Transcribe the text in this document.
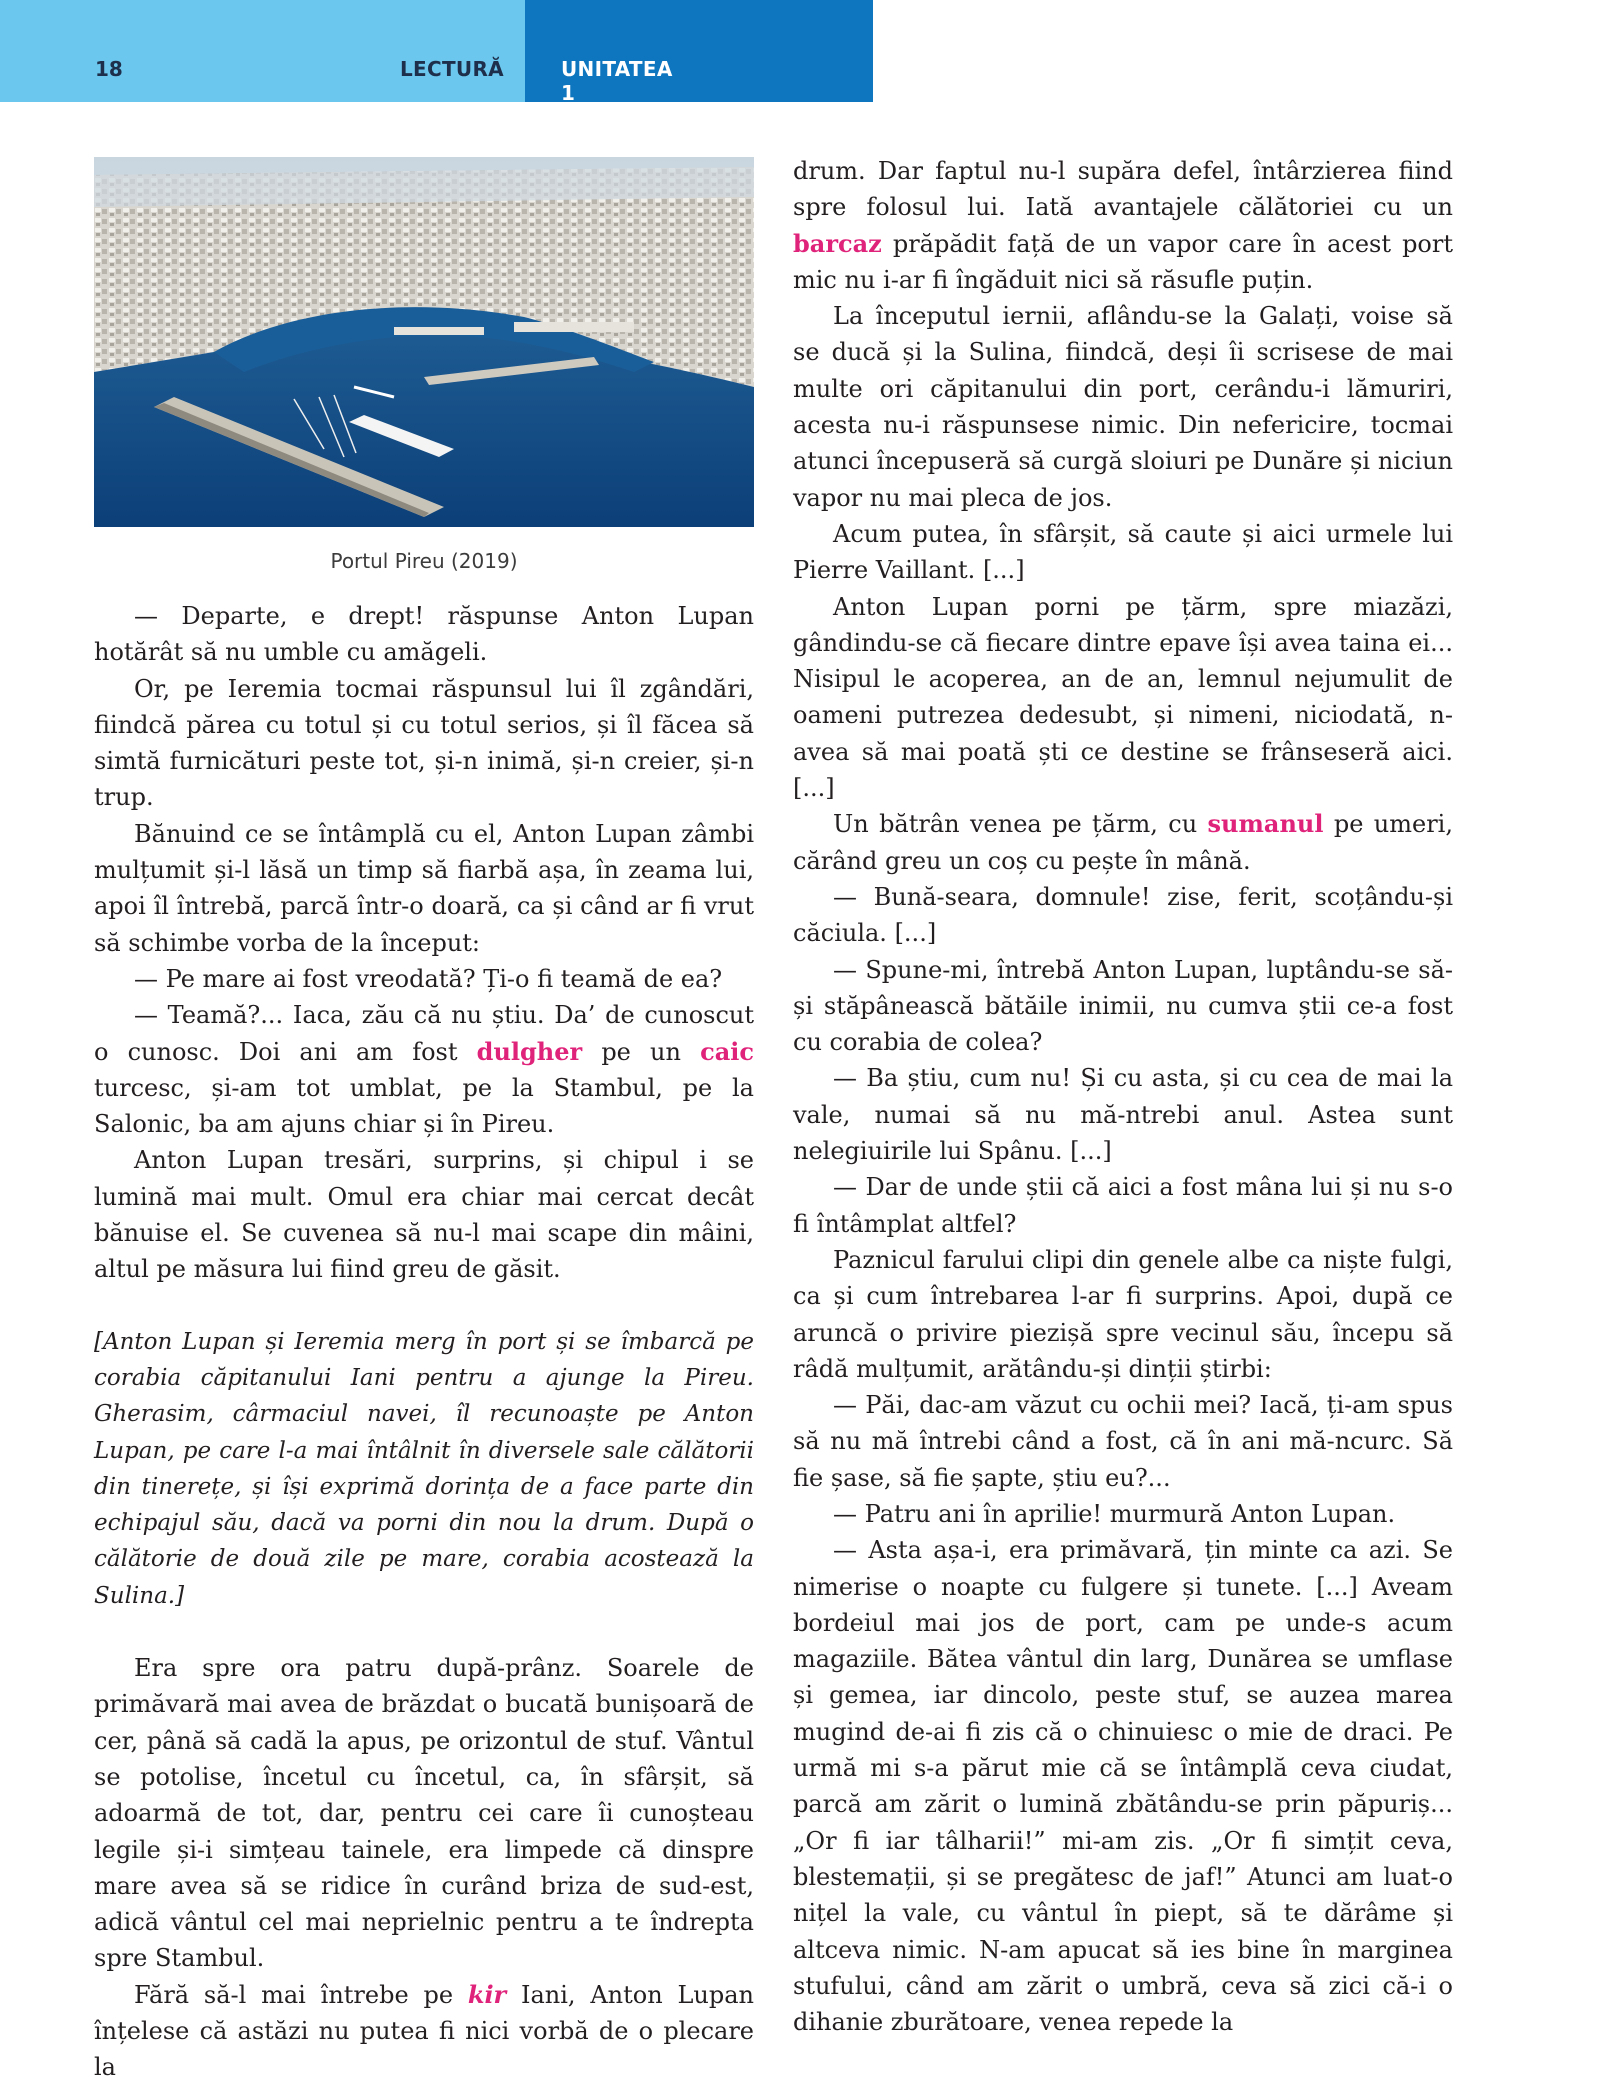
18	LECTURĂ	UNITATEA 1
Portul Pireu (2019)

— Departe, e drept! răspunse Anton Lupan hotărât să nu umble cu amăgeli.

Or, pe Ieremia tocmai răspunsul lui îl zgândări, fiindcă părea cu totul și cu totul serios, și îl făcea să simtă furnicături peste tot, și-n inimă, și-n creier, și-n trup.

Bănuind ce se întâmplă cu el, Anton Lupan zâmbi mulțumit și-l lăsă un timp să fiarbă așa, în zeama lui, apoi îl întrebă, parcă într-o doară, ca și când ar fi vrut să schimbe vorba de la început:

— Pe mare ai fost vreodată? Ți-o fi teamă de ea?

— Teamă?... Iaca, zău că nu știu. Da’ de cunoscut o cunosc. Doi ani am fost dulgher pe un caic turcesc, și-am tot umblat, pe la Stambul, pe la Salonic, ba am ajuns chiar și în Pireu.

Anton Lupan tresări, surprins, și chipul i se lumină mai mult. Omul era chiar mai cercat decât bănuise el. Se cuvenea să nu-l mai scape din mâini, altul pe măsura lui fiind greu de găsit.

[Anton Lupan și Ieremia merg în port și se îmbarcă pe corabia căpitanului Iani pentru a ajunge la Pireu. Gherasim, cârmaciul navei, îl recunoaște pe Anton Lupan, pe care l-a mai întâlnit în diversele sale călătorii din tinerețe, și își exprimă dorința de a face parte din echipajul său, dacă va porni din nou la drum. După o călătorie de două zile pe mare, corabia acostează la Sulina.]

Era spre ora patru după-prânz. Soarele de primăvară mai avea de brăzdat o bucată bunișoară de cer, până să cadă la apus, pe orizontul de stuf. Vântul se potolise, încetul cu încetul, ca, în sfârșit, să adoarmă de tot, dar, pentru cei care îi cunoșteau legile și-i simțeau tainele, era limpede că dinspre mare avea să se ridice în curând briza de sud-est, adică vântul cel mai neprielnic pentru a te îndrepta spre Stambul.

Fără să-l mai întrebe pe kir Iani, Anton Lupan înțelese că astăzi nu putea fi nici vorbă de o plecare la

drum. Dar faptul nu-l supăra defel, întârzierea fiind spre folosul lui. Iată avantajele călătoriei cu un barcaz prăpădit față de un vapor care în acest port mic nu i-ar fi îngăduit nici să răsufle puțin.

La începutul iernii, aflându-se la Galați, voise să se ducă și la Sulina, fiindcă, deși îi scrisese de mai multe ori căpitanului din port, cerându-i lămuriri, acesta nu-i răspunsese nimic. Din nefericire, tocmai atunci începuseră să curgă sloiuri pe Dunăre și niciun vapor nu mai pleca de jos.

Acum putea, în sfârșit, să caute și aici urmele lui Pierre Vaillant. [...]

Anton Lupan porni pe țărm, spre miazăzi, gândindu-se că fiecare dintre epave își avea taina ei... Nisipul le acoperea, an de an, lemnul nejumulit de oameni putrezea dedesubt, și nimeni, niciodată, n-avea să mai poată ști ce destine se frânseseră aici. [...]

Un bătrân venea pe țărm, cu sumanul pe umeri, cărând greu un coș cu pește în mână.

— Bună-seara, domnule! zise, ferit, scoțându-și căciula. [...]

— Spune-mi, întrebă Anton Lupan, luptându-se să-și stăpânească bătăile inimii, nu cumva știi ce-a fost cu corabia de colea?

— Ba știu, cum nu! Și cu asta, și cu cea de mai la vale, numai să nu mă-ntrebi anul. Astea sunt nelegiuirile lui Spânu. [...]

— Dar de unde știi că aici a fost mâna lui și nu s-o fi întâmplat altfel?

Paznicul farului clipi din genele albe ca niște fulgi, ca și cum întrebarea l-ar fi surprins. Apoi, după ce aruncă o privire piezișă spre vecinul său, începu să râdă mulțumit, arătându-și dinții știrbi:

— Păi, dac-am văzut cu ochii mei? Iacă, ți-am spus să nu mă întrebi când a fost, că în ani mă-ncurc. Să fie șase, să fie șapte, știu eu?...

— Patru ani în aprilie! murmură Anton Lupan.

— Asta așa-i, era primăvară, țin minte ca azi. Se nimerise o noapte cu fulgere și tunete. [...] Aveam bordeiul mai jos de port, cam pe unde-s acum magaziile. Bătea vântul din larg, Dunărea se umflase și gemea, iar dincolo, peste stuf, se auzea marea mugind de-ai fi zis că o chinuiesc o mie de draci. Pe urmă mi s-a părut mie că se întâmplă ceva ciudat, parcă am zărit o lumină zbătându-se prin păpuriș... „Or fi iar tâlharii!” mi-am zis. „Or fi simțit ceva, blestemații, și se pregătesc de jaf!” Atunci am luat-o nițel la vale, cu vântul în piept, să te dărâme și altceva nimic. N-am apucat să ies bine în marginea stufului, când am zărit o umbră, ceva să zici că-i o dihanie zburătoare, venea repede la
